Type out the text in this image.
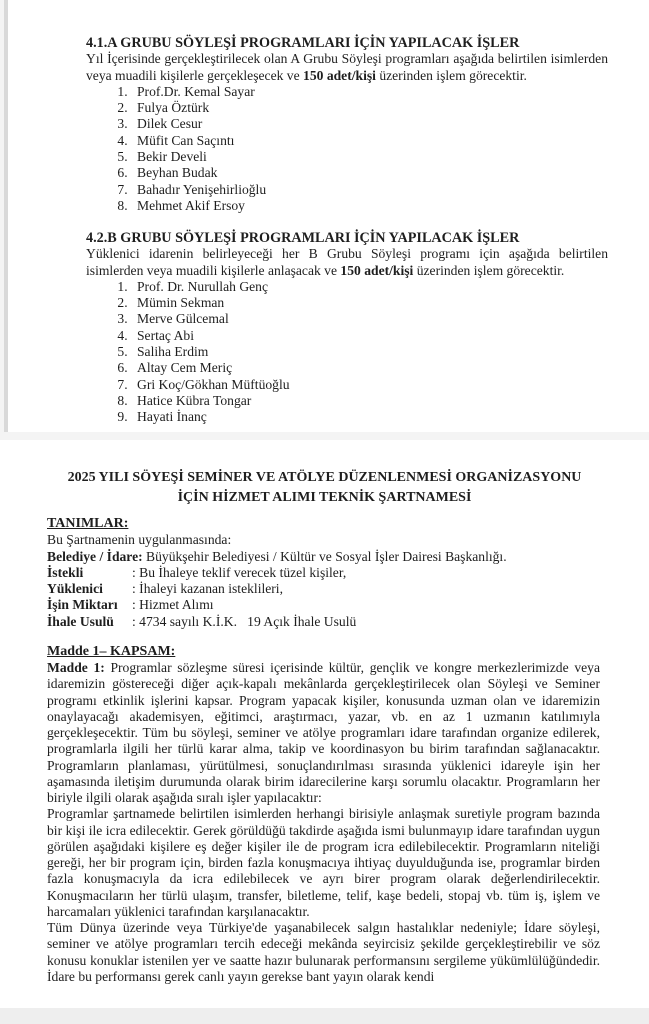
4.1.A GRUBU SÖYLEŞİ PROGRAMLARI İÇİN YAPILACAK İŞLER
Yıl İçerisinde gerçekleştirilecek olan A Grubu Söyleşi programları aşağıda belirtilen isimlerden veya muadili kişilerle gerçekleşecek ve 150 adet/kişi üzerinden işlem görecektir.
1. Prof.Dr. Kemal Sayar
2. Fulya Öztürk
3. Dilek Cesur
4. Müfit Can Saçıntı
5. Bekir Develi
6. Beyhan Budak
7. Bahadır Yenişehirlioğlu
8. Mehmet Akif Ersoy
4.2.B GRUBU SÖYLEŞİ PROGRAMLARI İÇİN YAPILACAK İŞLER
Yüklenici idarenin belirleyeceği her B Grubu Söyleşi programı için aşağıda belirtilen isimlerden veya muadili kişilerle anlaşacak ve 150 adet/kişi üzerinden işlem görecektir.
1. Prof. Dr. Nurullah Genç
2. Mümin Sekman
3. Merve Gülcemal
4. Sertaç Abi
5. Saliha Erdim
6. Altay Cem Meriç
7. Gri Koç/Gökhan Müftüoğlu
8. Hatice Kübra Tongar
9. Hayati İnanç
2025 YILI SÖYEŞİ SEMİNER VE ATÖLYE DÜZENLENMESİ ORGANİZASYONU
İÇİN HİZMET ALIMI TEKNİK ŞARTNAMESİ
TANIMLAR:
Bu Şartnamenin uygulanmasında:
Belediye / İdare: Büyükşehir Belediyesi / Kültür ve Sosyal İşler Dairesi Başkanlığı.
İstekli	: Bu İhaleye teklif verecek tüzel kişiler,
Yüklenici	: İhaleyi kazanan isteklileri,
İşin Miktarı	: Hizmet Alımı
İhale Usulü	: 4734 sayılı K.İ.K.   19 Açık İhale Usulü
Madde 1– KAPSAM:
Madde 1: Programlar sözleşme süresi içerisinde kültür, gençlik ve kongre merkezlerimizde veya idaremizin göstereceği diğer açık-kapalı mekânlarda gerçekleştirilecek olan Söyleşi ve Seminer programı etkinlik işlerini kapsar. Program yapacak kişiler, konusunda uzman olan ve idaremizin onaylayacağı akademisyen, eğitimci, araştırmacı, yazar, vb. en az 1 uzmanın katılımıyla gerçekleşecektir. Tüm bu söyleşi, seminer ve atölye programları idare tarafından organize edilerek, programlarla ilgili her türlü karar alma, takip ve koordinasyon bu birim tarafından sağlanacaktır. Programların planlaması, yürütülmesi, sonuçlandırılması sırasında yüklenici idareyle işin her aşamasında iletişim durumunda olarak birim idarecilerine karşı sorumlu olacaktır. Programların her biriyle ilgili olarak aşağıda sıralı işler yapılacaktır:
Programlar şartnamede belirtilen isimlerden herhangi birisiyle anlaşmak suretiyle program bazında bir kişi ile icra edilecektir. Gerek görüldüğü takdirde aşağıda ismi bulunmayıp idare tarafından uygun görülen aşağıdaki kişilere eş değer kişiler ile de program icra edilebilecektir. Programların niteliği gereği, her bir program için, birden fazla konuşmacıya ihtiyaç duyulduğunda ise, programlar birden fazla konuşmacıyla da icra edilebilecek ve ayrı birer program olarak değerlendirilecektir. Konuşmacıların her türlü ulaşım, transfer, biletleme, telif, kaşe bedeli, stopaj vb. tüm iş, işlem ve harcamaları yüklenici tarafından karşılanacaktır.
Tüm Dünya üzerinde veya Türkiye'de yaşanabilecek salgın hastalıklar nedeniyle; İdare söyleşi, seminer ve atölye programları tercih edeceği mekânda seyircisiz şekilde gerçekleştirebilir ve söz konusu konuklar istenilen yer ve saatte hazır bulunarak performansını sergileme yükümlülüğündedir. İdare bu performansı gerek canlı yayın gerekse bant yayın olarak kendi
